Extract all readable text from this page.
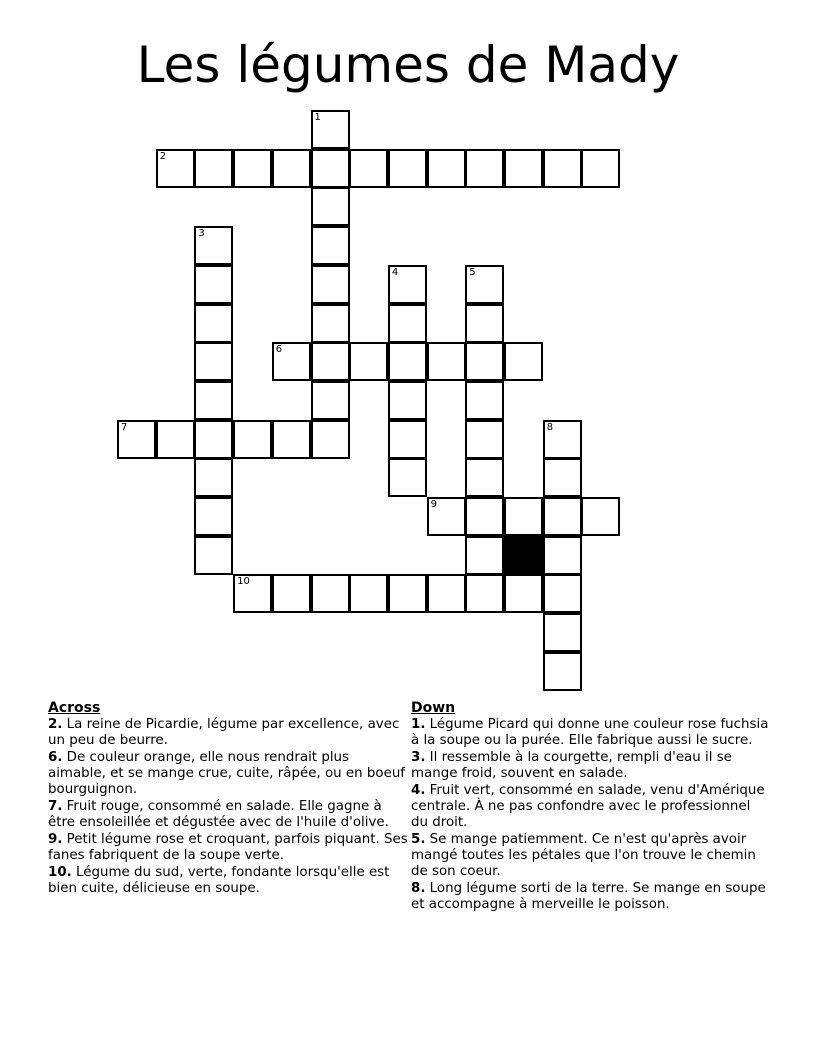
Les légumes de Mady
1
2
3
4	5
6
7	8
9
10
Across
2. La reine de Picardie, légume par excellence, avec un peu de beurre.
6. De couleur orange, elle nous rendrait plus aimable, et se mange crue, cuite, râpée, ou en boeuf bourguignon.
7. Fruit rouge, consommé en salade. Elle gagne à être ensoleillée et dégustée avec de l'huile d'olive.
9. Petit légume rose et croquant, parfois piquant. Ses fanes fabriquent de la soupe verte.
10. Légume du sud, verte, fondante lorsqu'elle est bien cuite, délicieuse en soupe.
Down
1. Légume Picard qui donne une couleur rose fuchsia à la soupe ou la purée. Elle fabrique aussi le sucre.
3. Il ressemble à la courgette, rempli d'eau il se mange froid, souvent en salade.
4. Fruit vert, consommé en salade, venu d'Amérique centrale. À ne pas confondre avec le professionnel du droit.
5. Se mange patiemment. Ce n'est qu'après avoir mangé toutes les pétales que l'on trouve le chemin de son coeur.
8. Long légume sorti de la terre. Se mange en soupe et accompagne à merveille le poisson.
